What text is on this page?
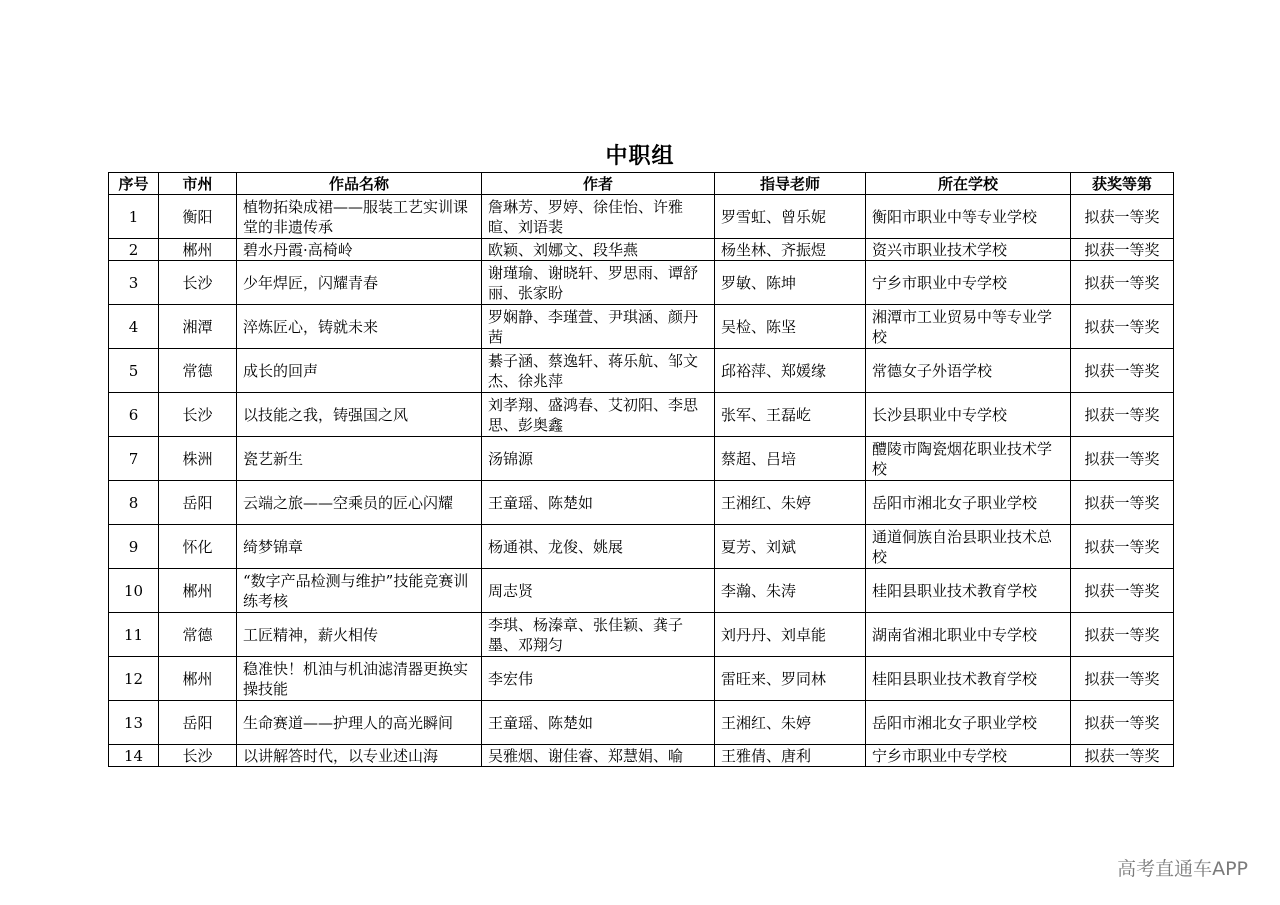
中职组
序号	市州	作品名称	作者	指导老师	所在学校	获奖等第
1	衡阳	植物拓染成裙——服装工艺实训课堂的非遗传承	詹琳芳、罗婷、徐佳怡、许雅暄、刘语裴	罗雪虹、曾乐妮	衡阳市职业中等专业学校	拟获一等奖
2	郴州	碧水丹霞·高椅岭	欧颖、刘娜文、段华燕	杨坐林、齐振煜	资兴市职业技术学校	拟获一等奖
3	长沙	少年焊匠，闪耀青春	谢瑾瑜、谢晓轩、罗思雨、谭舒丽、张家盼	罗敏、陈坤	宁乡市职业中专学校	拟获一等奖
4	湘潭	淬炼匠心，铸就未来	罗娴静、李瑾萱、尹琪涵、颜丹茜	吴检、陈坚	湘潭市工业贸易中等专业学校	拟获一等奖
5	常德	成长的回声	綦子涵、蔡逸轩、蒋乐航、邹文杰、徐兆萍	邱裕萍、郑媛缘	常德女子外语学校	拟获一等奖
6	长沙	以技能之我，铸强国之风	刘孝翔、盛鸿春、艾初阳、李思思、彭奥鑫	张军、王磊屹	长沙县职业中专学校	拟获一等奖
7	株洲	瓷艺新生	汤锦源	蔡超、吕培	醴陵市陶瓷烟花职业技术学校	拟获一等奖
8	岳阳	云端之旅——空乘员的匠心闪耀	王童瑶、陈楚如	王湘红、朱婷	岳阳市湘北女子职业学校	拟获一等奖
9	怀化	绮梦锦章	杨通祺、龙俊、姚展	夏芳、刘斌	通道侗族自治县职业技术总校	拟获一等奖
10	郴州	“数字产品检测与维护”技能竞赛训练考核	周志贤	李瀚、朱涛	桂阳县职业技术教育学校	拟获一等奖
11	常德	工匠精神，薪火相传	李琪、杨溱章、张佳颖、龚子墨、邓翔匀	刘丹丹、刘卓能	湖南省湘北职业中专学校	拟获一等奖
12	郴州	稳准快！机油与机油滤清器更换实操技能	李宏伟	雷旺来、罗同林	桂阳县职业技术教育学校	拟获一等奖
13	岳阳	生命赛道——护理人的高光瞬间	王童瑶、陈楚如	王湘红、朱婷	岳阳市湘北女子职业学校	拟获一等奖
14	长沙	以讲解答时代，以专业述山海	吴雅烟、谢佳睿、郑慧娟、喻	王雅倩、唐利	宁乡市职业中专学校	拟获一等奖
高考直通车APP
